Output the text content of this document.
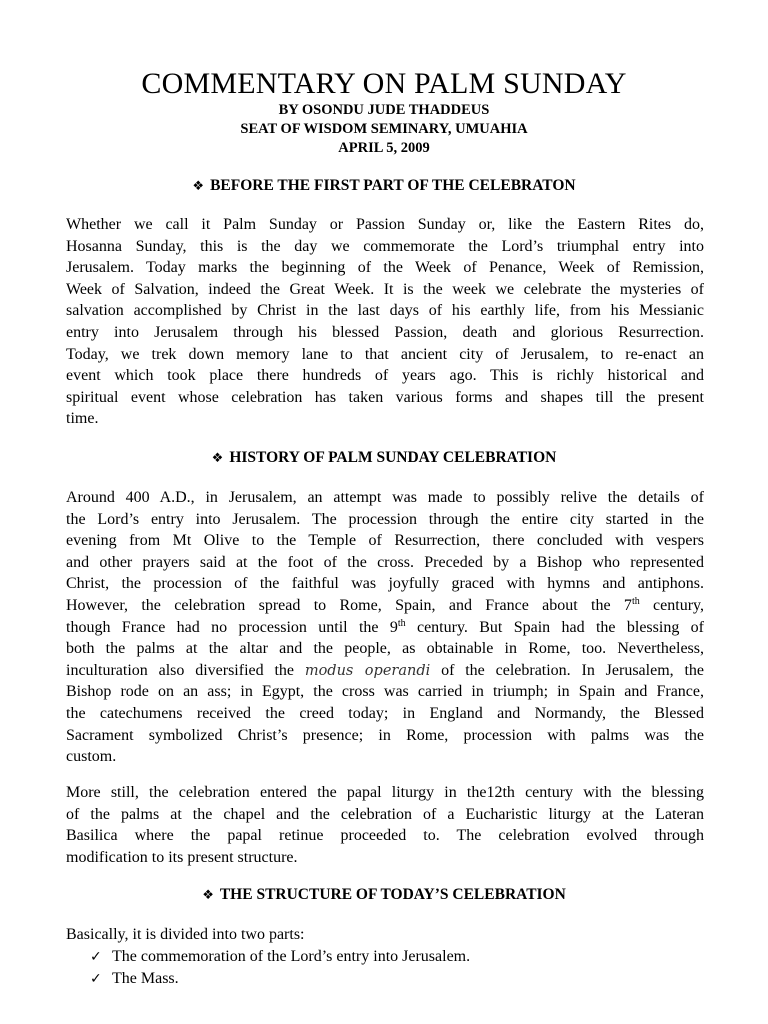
COMMENTARY ON PALM SUNDAY
BY OSONDU JUDE THADDEUS
SEAT OF WISDOM SEMINARY, UMUAHIA
APRIL 5, 2009
❖ BEFORE THE FIRST PART OF THE CELEBRATON
Whether we call it Palm Sunday or Passion Sunday or, like the Eastern Rites do,
Hosanna Sunday, this is the day we commemorate the Lord’s triumphal entry into
Jerusalem. Today marks the beginning of the Week of Penance, Week of Remission,
Week of Salvation, indeed the Great Week. It is the week we celebrate the mysteries of
salvation accomplished by Christ in the last days of his earthly life, from his Messianic
entry into Jerusalem through his blessed Passion, death and glorious Resurrection.
Today, we trek down memory lane to that ancient city of Jerusalem, to re-enact an
event which took place there hundreds of years ago. This is richly historical and
spiritual event whose celebration has taken various forms and shapes till the present
time.
❖ HISTORY OF PALM SUNDAY CELEBRATION
Around 400 A.D., in Jerusalem, an attempt was made to possibly relive the details of
the Lord’s entry into Jerusalem. The procession through the entire city started in the
evening from Mt Olive to the Temple of Resurrection, there concluded with vespers
and other prayers said at the foot of the cross. Preceded by a Bishop who represented
Christ, the procession of the faithful was joyfully graced with hymns and antiphons.
However, the celebration spread to Rome, Spain, and France about the 7th century,
though France had no procession until the 9th century. But Spain had the blessing of
both the palms at the altar and the people, as obtainable in Rome, too. Nevertheless,
inculturation also diversified the modus operandi of the celebration. In Jerusalem, the
Bishop rode on an ass; in Egypt, the cross was carried in triumph; in Spain and France,
the catechumens received the creed today; in England and Normandy, the Blessed
Sacrament symbolized Christ’s presence; in Rome, procession with palms was the
custom.
More still, the celebration entered the papal liturgy in the12th century with the blessing
of the palms at the chapel and the celebration of a Eucharistic liturgy at the Lateran
Basilica where the papal retinue proceeded to. The celebration evolved through
modification to its present structure.
❖ THE STRUCTURE OF TODAY’S CELEBRATION
Basically, it is divided into two parts:
✓ The commemoration of the Lord’s entry into Jerusalem.
✓ The Mass.
